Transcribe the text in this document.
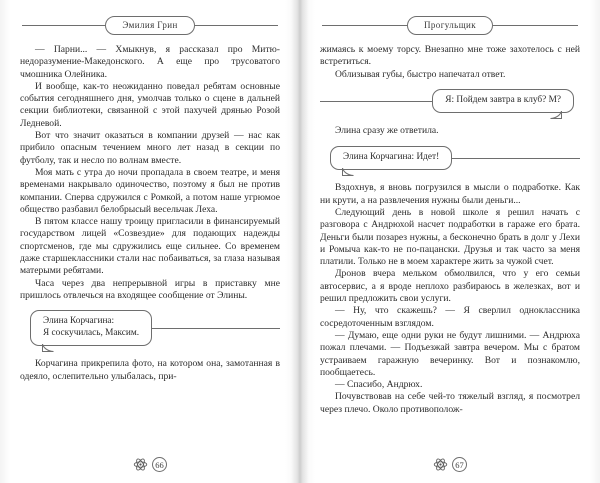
Эмилия Грин

— Парни... — Хмыкнув, я рассказал про Митю-недоразумение-Македонского. А еще про трусоватого чмошника Олейника.

И вообще, как-то неожиданно поведал ребятам основные события сегодняшнего дня, умолчав только о сцене в дальней секции библиотеки, связанной с этой пахучей дрянью Розой Ледневой.

Вот что значит оказаться в компании друзей — нас как прибило опасным течением много лет назад в секции по футболу, так и несло по волнам вместе.

Моя мать с утра до ночи пропадала в своем театре, и меня временами накрывало одиночество, поэтому я был не против компании. Сперва сдружился с Ромкой, а потом наше угрюмое общество разбавил белобрысый весельчак Леха.

В пятом классе нашу троицу пригласили в финансируемый государством лицей «Созвездие» для подающих надежды спортсменов, где мы сдружились еще сильнее. Со временем даже старшеклассники стали нас побаиваться, за глаза называя матерыми ребятами.

Часа через два непрерывной игры в приставку мне пришлось отвлечься на входящее сообщение от Элины.

Элина Корчагина:
Я соскучилась, Максим.

Корчагина прикрепила фото, на котором она, замотанная в одеяло, ослепительно улыбалась, при-

66
Прогульщик

жимаясь к моему торсу. Внезапно мне тоже захотелось с ней встретиться.

Облизывая губы, быстро напечатал ответ.

Я: Пойдем завтра в клуб? М?

Элина сразу же ответила.

Элина Корчагина: Идет!

Вздохнув, я вновь погрузился в мысли о подработке. Как ни крути, а на развлечения нужны были деньги...

Следующий день в новой школе я решил начать с разговора с Андрюхой насчет подработки в гараже его брата. Деньги были позарез нужны, а бесконечно брать в долг у Лехи и Ромыча как-то не по-пацански. Друзья и так часто за меня платили. Только не в моем характере жить за чужой счет.

Дронов вчера мельком обмолвился, что у его семьи автосервис, а я вроде неплохо разбираюсь в железках, вот и решил предложить свои услуги.

— Ну, что скажешь? — Я сверлил одноклассника сосредоточенным взглядом.

— Думаю, еще одни руки не будут лишними. — Андрюха пожал плечами. — Подъезжай завтра вечером. Мы с братом устраиваем гаражную вечеринку. Вот и познакомлю, пообщаетесь.

— Спасибо, Андрюх.

Почувствовав на себе чей-то тяжелый взгляд, я посмотрел через плечо. Около противополож-

67
